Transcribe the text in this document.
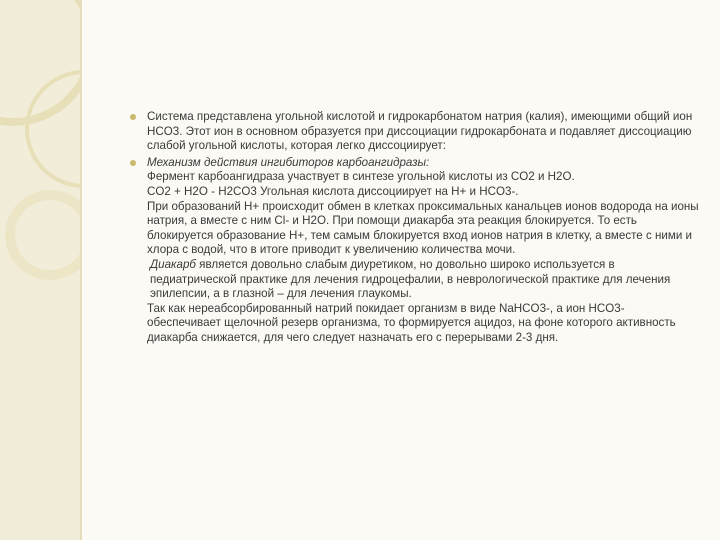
Система представлена угольной кислотой и гидрокарбонатом натрия (калия), имеющими общий ион HCO3. Этот ион в основном образуется при диссоциации гидрокарбоната и подавляет диссоциацию слабой угольной кислоты, которая легко диссоциирует:
Механизм действия ингибиторов карбоангидразы:
Фермент карбоангидраза участвует в синтезе угольной кислоты из CO2 и H2O.
CO2 + H2O - H2CO3 Угольная кислота диссоциирует на H+ и HCO3-.
При образований Н+ происходит обмен в клетках проксимальных канальцев ионов водорода на ионы натрия, а вместе с ним Cl- и H2O. При помощи диакарба эта реакция блокируется. То есть блокируется образование H+, тем самым блокируется вход ионов натрия в клетку, а вместе с ними и хлора с водой, что в итоге приводит к увеличению количества мочи.
Диакарб является довольно слабым диуретиком, но довольно широко используется в педиатрической практике для лечения гидроцефалии, в неврологической практике для лечения эпилепсии, а в глазной – для лечения глаукомы.
Так как нереабсорбированный натрий покидает организм в виде NaHCO3-, а ион HCO3- обеспечивает щелочной резерв организма, то формируется ацидоз, на фоне которого активность диакарба снижается, для чего следует назначать его с перерывами 2-3 дня.
